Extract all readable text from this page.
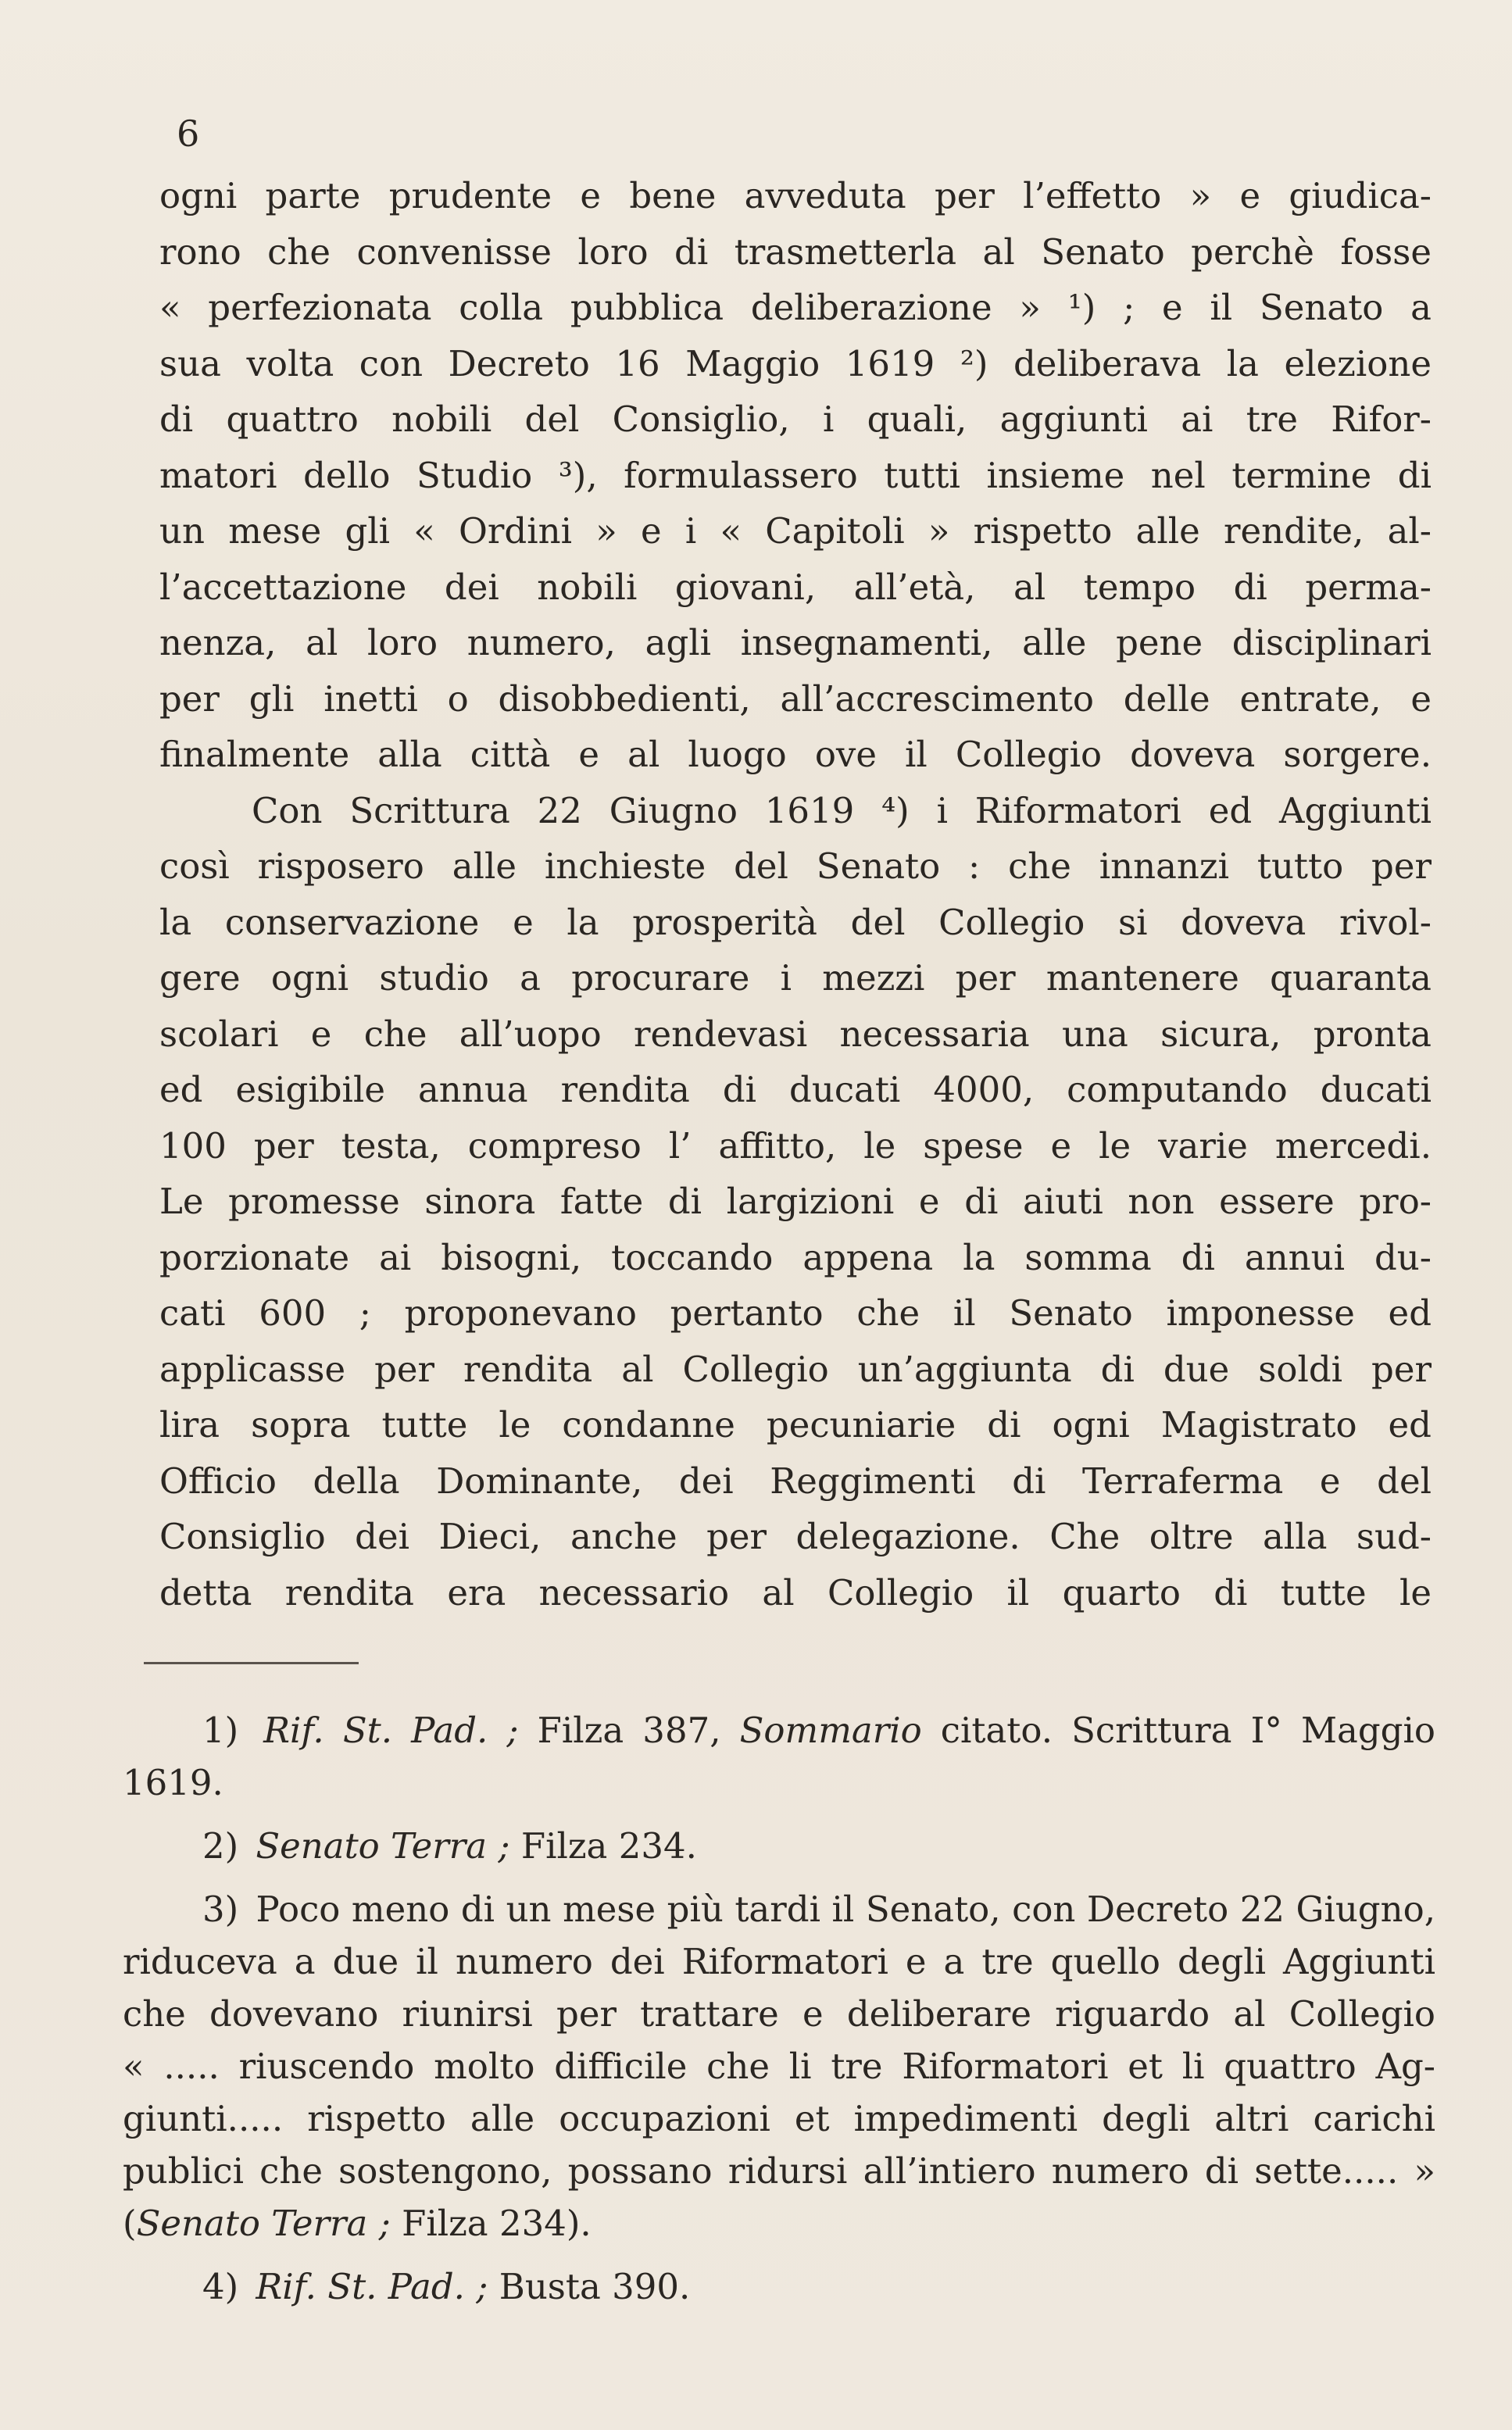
6
ogni parte prudente e bene avveduta per l’effetto » e giudica-
rono che convenisse loro di trasmetterla al Senato perchè fosse
« perfezionata colla pubblica deliberazione » ¹) ; e il Senato a
sua volta con Decreto 16 Maggio 1619 ²) deliberava la elezione
di quattro nobili del Consiglio, i quali, aggiunti ai tre Rifor-
matori dello Studio ³), formulassero tutti insieme nel termine di
un mese gli « Ordini » e i « Capitoli » rispetto alle rendite, al-
l’accettazione dei nobili giovani, all’età, al tempo di perma-
nenza, al loro numero, agli insegnamenti, alle pene disciplinari
per gli inetti o disobbedienti, all’accrescimento delle entrate, e
finalmente alla città e al luogo ove il Collegio doveva sorgere.
Con Scrittura 22 Giugno 1619 ⁴) i Riformatori ed Aggiunti
così risposero alle inchieste del Senato : che innanzi tutto per
la conservazione e la prosperità del Collegio si doveva rivol-
gere ogni studio a procurare i mezzi per mantenere quaranta
scolari e che all’uopo rendevasi necessaria una sicura, pronta
ed esigibile annua rendita di ducati 4000, computando ducati
100 per testa, compreso l’ affitto, le spese e le varie mercedi.
Le promesse sinora fatte di largizioni e di aiuti non essere pro-
porzionate ai bisogni, toccando appena la somma di annui du-
cati 600 ; proponevano pertanto che il Senato imponesse ed
applicasse per rendita al Collegio un’aggiunta di due soldi per
lira sopra tutte le condanne pecuniarie di ogni Magistrato ed
Officio della Dominante, dei Reggimenti di Terraferma e del
Consiglio dei Dieci, anche per delegazione. Che oltre alla sud-
detta rendita era necessario al Collegio il quarto di tutte le
1) Rif. St. Pad. ; Filza 387, Sommario citato. Scrittura I° Maggio
1619.
2) Senato Terra ; Filza 234.
3) Poco meno di un mese più tardi il Senato, con Decreto 22 Giugno,
riduceva a due il numero dei Riformatori e a tre quello degli Aggiunti
che dovevano riunirsi per trattare e deliberare riguardo al Collegio
« ..... riuscendo molto difficile che li tre Riformatori et li quattro Ag-
giunti..... rispetto alle occupazioni et impedimenti degli altri carichi
publici che sostengono, possano ridursi all’intiero numero di sette..... »
(Senato Terra ; Filza 234).
4) Rif. St. Pad. ; Busta 390.
